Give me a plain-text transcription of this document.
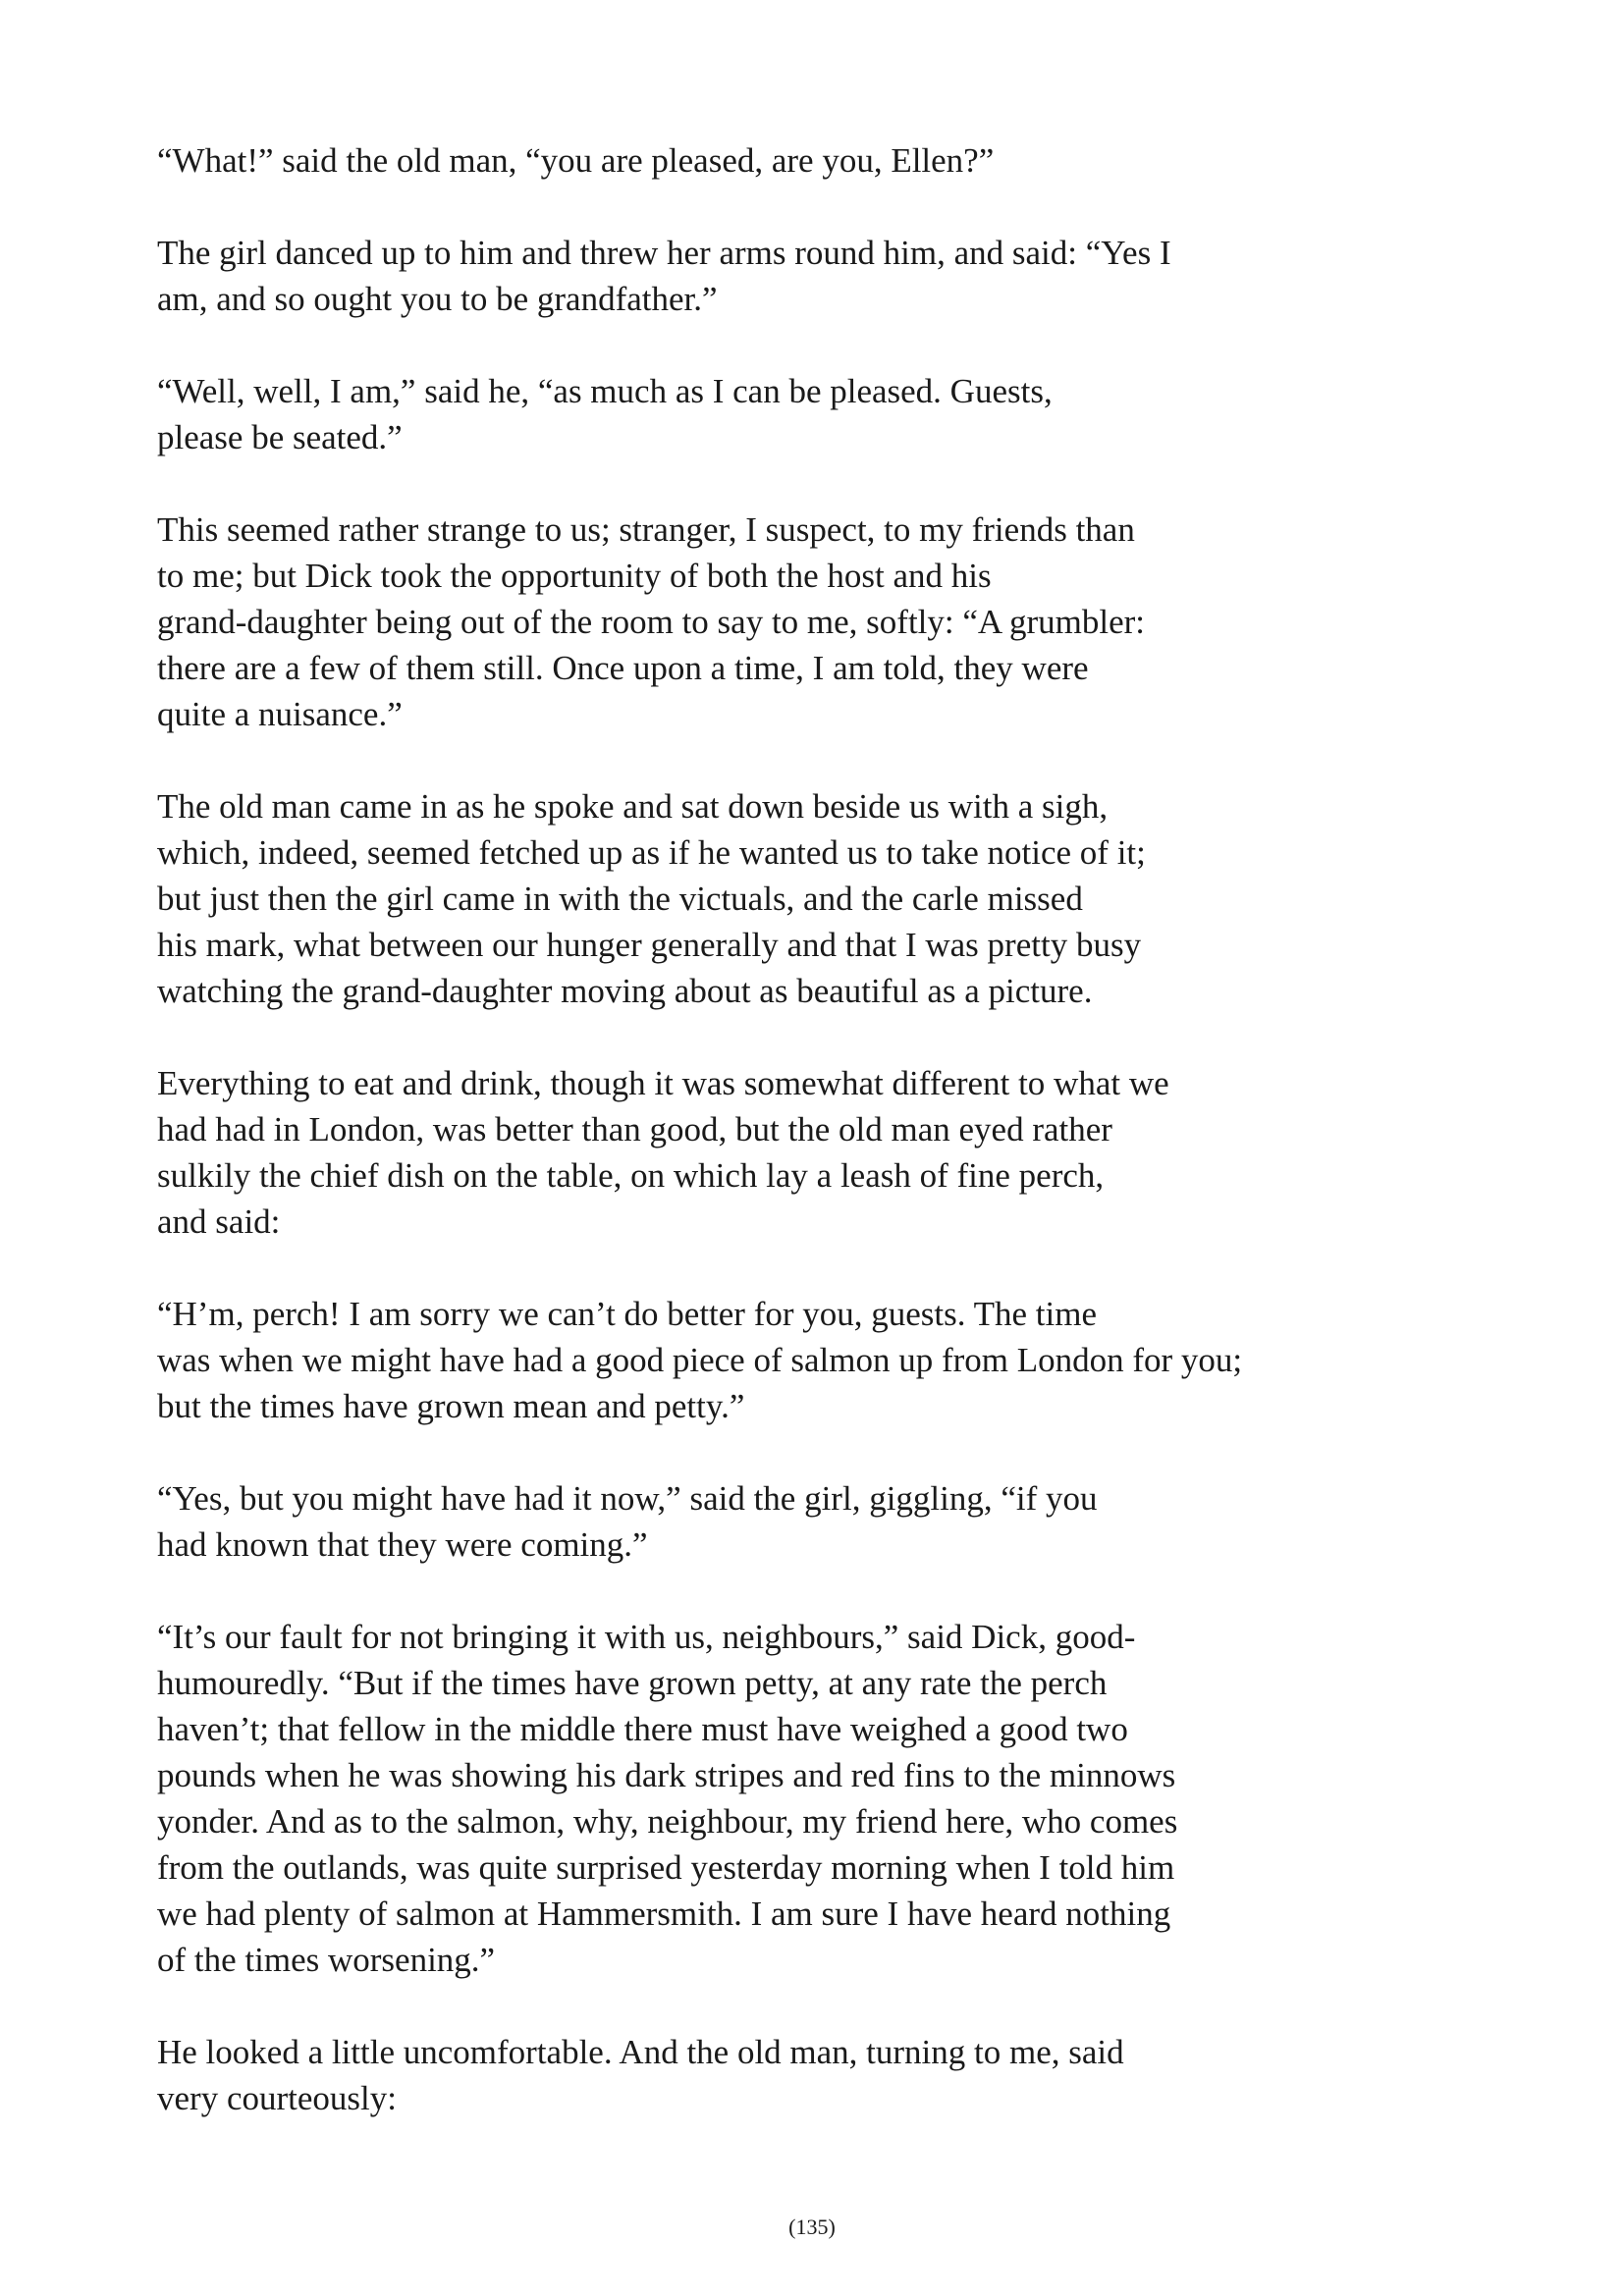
“What!” said the old man, “you are pleased, are you, Ellen?”

The girl danced up to him and threw her arms round him, and said: “Yes I
am, and so ought you to be grandfather.”

“Well, well, I am,” said he, “as much as I can be pleased. Guests,
please be seated.”

This seemed rather strange to us; stranger, I suspect, to my friends than
to me; but Dick took the opportunity of both the host and his
grand-daughter being out of the room to say to me, softly: “A grumbler:
there are a few of them still. Once upon a time, I am told, they were
quite a nuisance.”

The old man came in as he spoke and sat down beside us with a sigh,
which, indeed, seemed fetched up as if he wanted us to take notice of it;
but just then the girl came in with the victuals, and the carle missed
his mark, what between our hunger generally and that I was pretty busy
watching the grand-daughter moving about as beautiful as a picture.

Everything to eat and drink, though it was somewhat different to what we
had had in London, was better than good, but the old man eyed rather
sulkily the chief dish on the table, on which lay a leash of fine perch,
and said:

“H’m, perch! I am sorry we can’t do better for you, guests. The time
was when we might have had a good piece of salmon up from London for you;
but the times have grown mean and petty.”

“Yes, but you might have had it now,” said the girl, giggling, “if you
had known that they were coming.”

“It’s our fault for not bringing it with us, neighbours,” said Dick, good-
humouredly. “But if the times have grown petty, at any rate the perch
haven’t; that fellow in the middle there must have weighed a good two
pounds when he was showing his dark stripes and red fins to the minnows
yonder. And as to the salmon, why, neighbour, my friend here, who comes
from the outlands, was quite surprised yesterday morning when I told him
we had plenty of salmon at Hammersmith. I am sure I have heard nothing
of the times worsening.”

He looked a little uncomfortable. And the old man, turning to me, said
very courteously:

(135)
